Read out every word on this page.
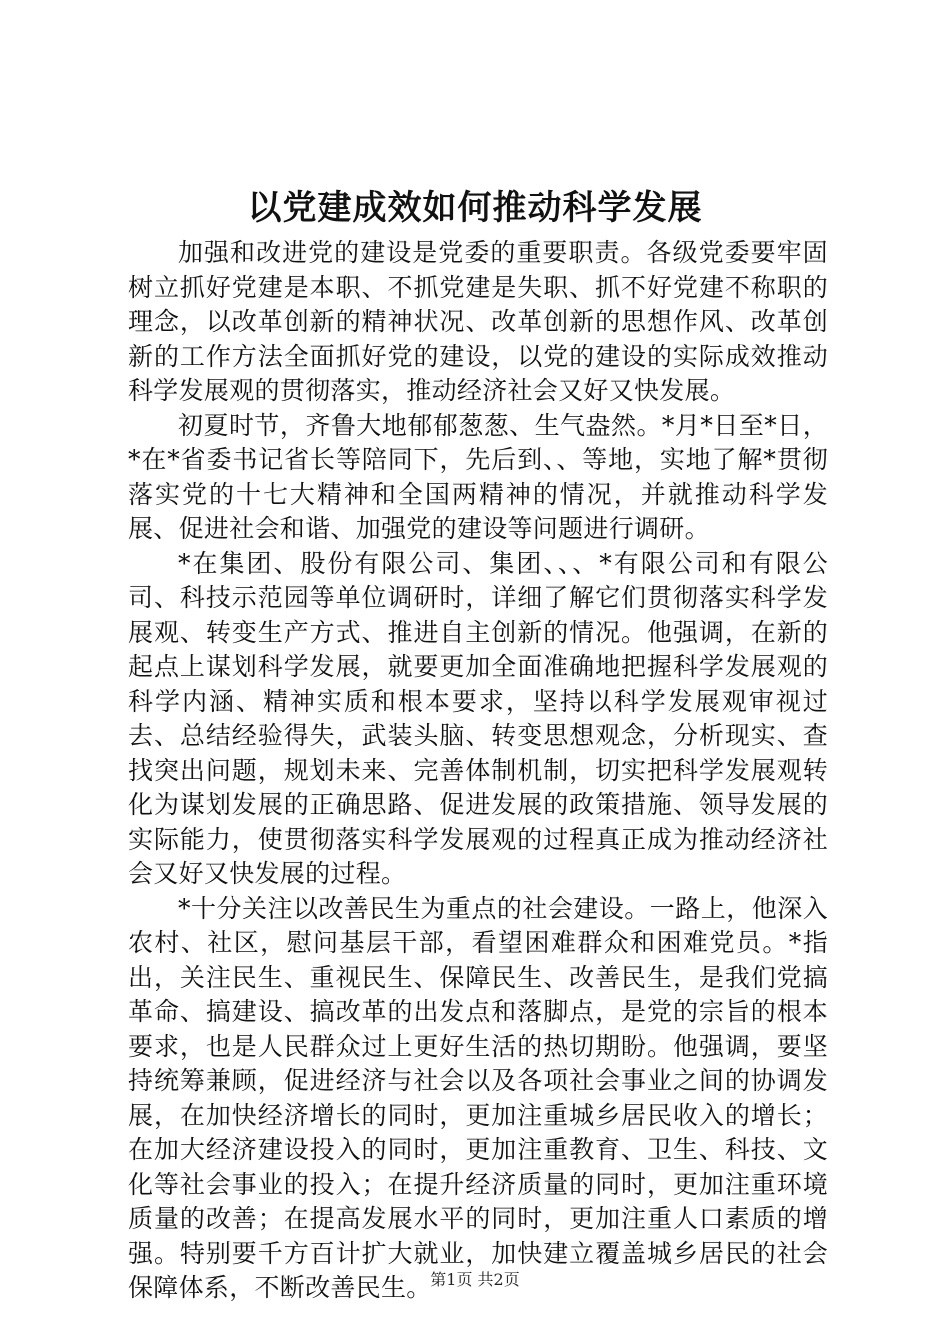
以党建成效如何推动科学发展

加强和改进党的建设是党委的重要职责。各级党委要牢固树立抓好党建是本职、不抓党建是失职、抓不好党建不称职的理念，以改革创新的精神状况、改革创新的思想作风、改革创新的工作方法全面抓好党的建设，以党的建设的实际成效推动科学发展观的贯彻落实，推动经济社会又好又快发展。

初夏时节，齐鲁大地郁郁葱葱、生气盎然。*月*日至*日，*在*省委书记省长等陪同下，先后到、、等地，实地了解*贯彻落实党的十七大精神和全国两精神的情况，并就推动科学发展、促进社会和谐、加强党的建设等问题进行调研。

*在集团、股份有限公司、集团、、、*有限公司和有限公司、科技示范园等单位调研时，详细了解它们贯彻落实科学发展观、转变生产方式、推进自主创新的情况。他强调，在新的起点上谋划科学发展，就要更加全面准确地把握科学发展观的科学内涵、精神实质和根本要求，坚持以科学发展观审视过去、总结经验得失，武装头脑、转变思想观念，分析现实、查找突出问题，规划未来、完善体制机制，切实把科学发展观转化为谋划发展的正确思路、促进发展的政策措施、领导发展的实际能力，使贯彻落实科学发展观的过程真正成为推动经济社会又好又快发展的过程。

*十分关注以改善民生为重点的社会建设。一路上，他深入农村、社区，慰问基层干部，看望困难群众和困难党员。*指出，关注民生、重视民生、保障民生、改善民生，是我们党搞革命、搞建设、搞改革的出发点和落脚点，是党的宗旨的根本要求，也是人民群众过上更好生活的热切期盼。他强调，要坚持统筹兼顾，促进经济与社会以及各项社会事业之间的协调发展，在加快经济增长的同时，更加注重城乡居民收入的增长；在加大经济建设投入的同时，更加注重教育、卫生、科技、文化等社会事业的投入；在提升经济质量的同时，更加注重环境质量的改善；在提高发展水平的同时，更加注重人口素质的增强。特别要千方百计扩大就业，加快建立覆盖城乡居民的社会保障体系，不断改善民生。

第1页 共2页
